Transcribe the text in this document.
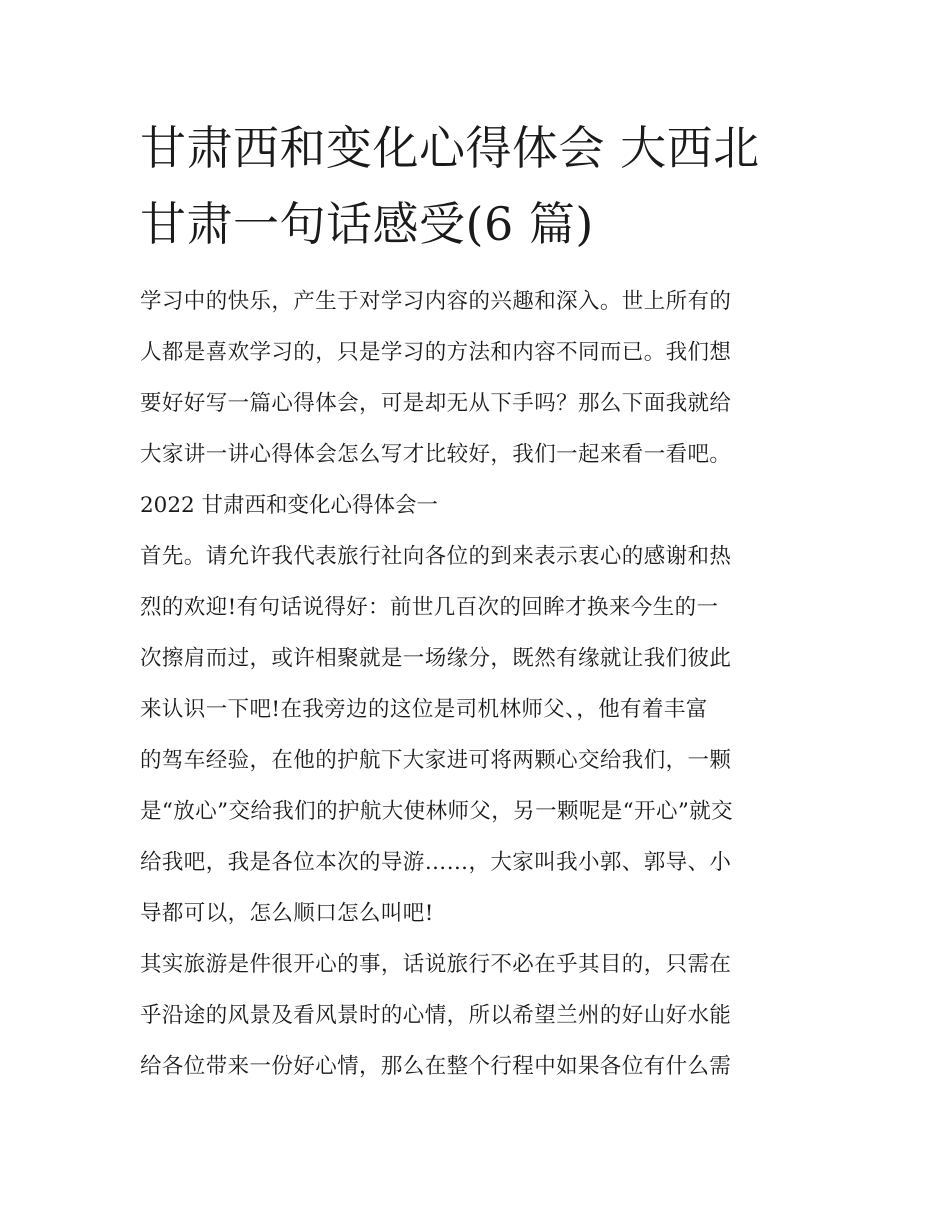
甘肃西和变化心得体会 大西北
甘肃一句话感受(6 篇)
学习中的快乐，产生于对学习内容的兴趣和深入。世上所有的
人都是喜欢学习的，只是学习的方法和内容不同而已。我们想
要好好写一篇心得体会，可是却无从下手吗？那么下面我就给
大家讲一讲心得体会怎么写才比较好，我们一起来看一看吧。
2022 甘肃西和变化心得体会一
首先。请允许我代表旅行社向各位的到来表示衷心的感谢和热
烈的欢迎!有句话说得好：前世几百次的回眸才换来今生的一
次擦肩而过，或许相聚就是一场缘分，既然有缘就让我们彼此
来认识一下吧!在我旁边的这位是司机林师父、，他有着丰富
的驾车经验，在他的护航下大家进可将两颗心交给我们，一颗
是“放心”交给我们的护航大使林师父，另一颗呢是“开心”就交
给我吧，我是各位本次的导游……，大家叫我小郭、郭导、小
导都可以，怎么顺口怎么叫吧!
其实旅游是件很开心的事，话说旅行不必在乎其目的，只需在
乎沿途的风景及看风景时的心情，所以希望兰州的好山好水能
给各位带来一份好心情，那么在整个行程中如果各位有什么需
